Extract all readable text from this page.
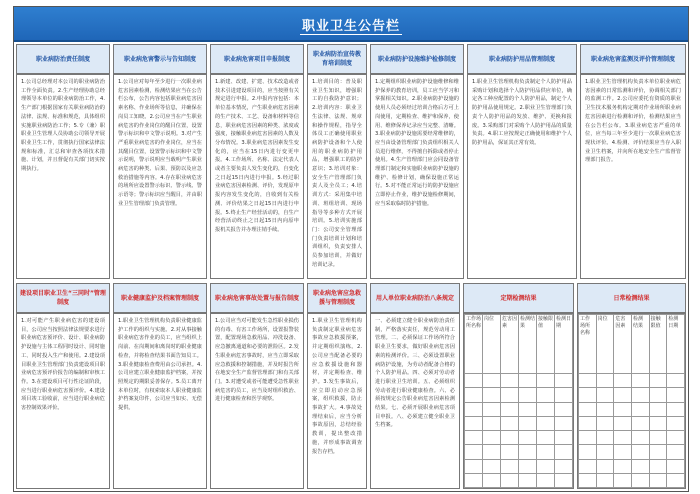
职业卫生公告栏
职业病防治责任制度	职业病危害警示与告知制度	职业病危害项目申报制度
职业病防治宣传教育培训制度
职业病防护设施维护检修制度	职业病防护用品管理制度	职业病危害监测及评价管理制度
1.公司总经理对本公司的职业病防治工作全面负责。2.生产经理协助总经理领导本单位的职业病防治工作，4.生产部门根据国家有关职业病防治的法律、法规、标准和规范，具体组织实施职业病防治工作；5.专（兼）职职业卫生管理人员协助公司领导开展职业卫生工作，贯彻执行国家法律法规和标准，汇总和审查各项技术措施、计划，并且督促有关部门切实按期执行。
1.公司应对每年至少进行一次职业病危害因素检测，检测结果应当在公告栏公布，公告内容包括职业病危害因素名称、作业场所等信息，并确保在岗员工知晓。2.公司应当在产生职业病危害的作业岗位的醒目位置，设置警示标识和中文警示说明。3.对产生严重职业病危害的作业岗位，应当在其醒目位置，设置警示标识和中文警示说明，警示说明应当载明产生职业病危害的种类、后果、预防以及应急救治措施等内容。4.存在职业病危害的场所应设置警示标识、警示线、警示语等；警示标识应当醒目，并由职业卫生管理部门负责管理。
1.新建、改建、扩建、技术改造或者技术引进建设项目的，应当按照有关规定进行申报。2.申报内容包括：本单位基本情况，产生职业病危害因素的生产技术、工艺、设备和材料等信息，职业病危害因素的种类、浓度或强度，接触职业病危害因素的人数及分布情况。3.职业病危害因素发生变化的，应当在15日内进行变更申报。4.工作场所、名称、法定代表人或者主要负责人发生变化的，自变化之日起15日内进行申报。5.经过职业病危害因素检测、评价，发现原申报内容发生变化的，自收到有关检测、评价结果之日起15日内进行申报。5.终止生产经营活动的，自生产经营活动终止之日起15日内向原申报机关报告并办理注销手续。
1.培训目的：普及职业卫生知识，增强职工的自我防护意识；2.培训内容：职业卫生法律、法规、规章和操作规程，指导全体员工正确使用职业病防护设备和个人使用的职业病防护用品，增强职工的防护意识；3.培训对象：安全生产管理部门负责人及全员工；4.培训方式：采用集中培训、班组培训、现场指导等多种方式开展培训。5.培训实施部门：公司安全管理部门负责培训计划和培训组织，负责安排人员参加培训，并做好培训记录。
1.定期组织职业病防护设施维修和维护保养的教育培训，员工应当学习和掌握相关知识。2.职业病防护设施的使用人员必须经过培训合格后方可上岗使用，定期检查、维护和保养，使用、维修保养记录应当完整、清晰。3.职业病防护设施需要经常维修的，应当由设备管理部门负责组织相关人员进行维修，不得擅自拆除或者停止使用。4.生产管理部门应会同设备管理部门制定和实施职业病防护设施的维护、检修计划，确保设施正常运行。5.对不能正常运行的防护设施应立即停止作业，维护设施检修期间，应当采取临时防护措施。
1.职业卫生管理机构负责制定个人防护用品采购计划和选择个人防护用品供应单位，确定各工种应配置的个人防护用品，制定个人防护用品使用规定。2.职业卫生管理部门负责个人防护用品的发放、维护、更换和报废。3.采购部门对采购个人防护用品的质量负责。4.职工应按规定正确使用和维护个人防护用品，保证其正常有效。
1.职业卫生管理机构负责本单位职业病危害因素的日常监测和评价，协调相关部门的监测工作。2.公司应委托有资质的职业卫生技术服务机构定期对作业场所职业病危害因素进行检测和评价，检测结果应当在公告栏公布。3.职业病危害严重的单位，应当每三年至少进行一次职业病危害现状评价。4.检测、评价结果应当存入职业卫生档案，并向所在地安全生产监督管理部门报告。
建设项目职业卫生“三同时”管理制度
职业健康监护及档案管理制度	职业病危害事故处置与报告制度
职业病危害应急救援与管理制度
用人单位职业病防治八条规定	定期检测结果	日常检测结果
1.对可能产生职业病危害的建设项目，公司应当按照法律法规要求进行职业病危害预评价、设计、职业病防护设施与主体工程同时设计、同时施工、同时投入生产和使用。2.建设项目职业卫生管理部门负责建设项目职业病危害预评价报告的编制和审核工作。3.在建设项目可行性论证阶段，应当进行职业病危害预评价。4.建设项目竣工验收前，应当进行职业病危害控制效果评价。
1.职业卫生管理机构负责职业健康监护工作的组织与实施。2.对从事接触职业病危害作业的员工，应当组织上岗前、在岗期间和离岗时的职业健康检查，并将检查结果书面告知员工。3.职业健康检查费用由公司承担。4.公司应建立职业健康监护档案，并按照规定的期限妥善保存。5.员工离开本单位时，有权索取本人职业健康监护档案复印件，公司应当如实、无偿提供。
1.公司应当对可能发生急性职业损伤的有毒、有害工作场所，设置报警装置，配置现场急救用品、冲洗设备、应急撤离通道和必要的泄险区。2.发生职业病危害事故时，应当立即采取应急救援和控制措施，并及时报告所在地安全生产监督管理部门和有关部门。3.对遭受或者可能遭受急性职业病危害的员工，应当及时组织救治、进行健康检查和医学观察。
1.职业卫生管理机构负责制定职业病危害事故应急救援预案，并定期组织演练。2.公司应当配备必要的应急救援设施和器材，并定期检查、维护。3.发生事故后，应立即启动应急预案，组织救援，防止事故扩大。4.事故处理结束后，应当分析事故原因，总结经验教训，提出整改措施，并形成事故调查报告存档。
一、必须建立健全职业病防治责任制，严格落实责任，规范劳动用工管理。二、必须保证工作场所符合职业卫生要求，做好职业病危害因素的检测评价。三、必须设置职业病防护设施，为劳动者配备合格的个人防护用品。四、必须对劳动者进行职业卫生培训。五、必须组织劳动者进行职业健康检查。六、必须按规定公告职业病危害因素检测结果。七、必须开展职业病危害项目申报。八、必须建立健全职业卫生档案。
工作场所名称	岗位	危害因素	检测结果	接触限值	检测日期

工作场所名称	岗位	危害因素	检测结果	接触限值	检测日期
